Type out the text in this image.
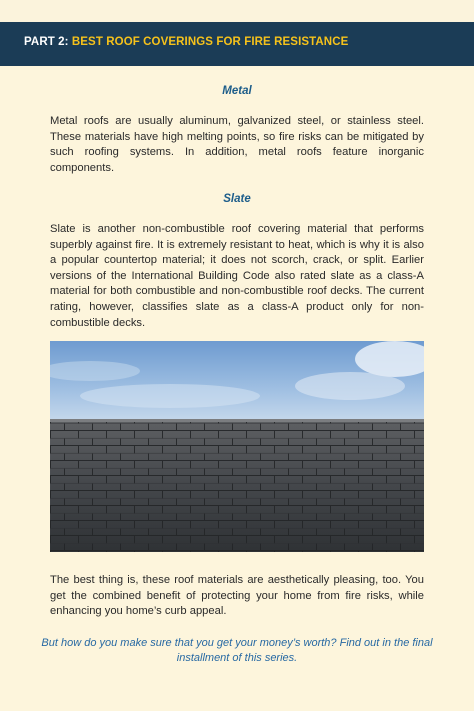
PART 2: BEST ROOF COVERINGS FOR FIRE RESISTANCE
Metal

Metal roofs are usually aluminum, galvanized steel, or stainless steel. These materials have high melting points, so fire risks can be mitigated by such roofing systems. In addition, metal roofs feature inorganic components.

Slate

Slate is another non-combustible roof covering material that performs superbly against fire. It is extremely resistant to heat, which is why it is also a popular countertop material; it does not scorch, crack, or split. Earlier versions of the International Building Code also rated slate as a class-A material for both combustible and non-combustible roof decks. The current rating, however, classifies slate as a class-A product only for non-combustible decks.

The best thing is, these roof materials are aesthetically pleasing, too. You get the combined benefit of protecting your home from fire risks, while enhancing you home’s curb appeal.

But how do you make sure that you get your money’s worth? Find out in the final installment of this series.
